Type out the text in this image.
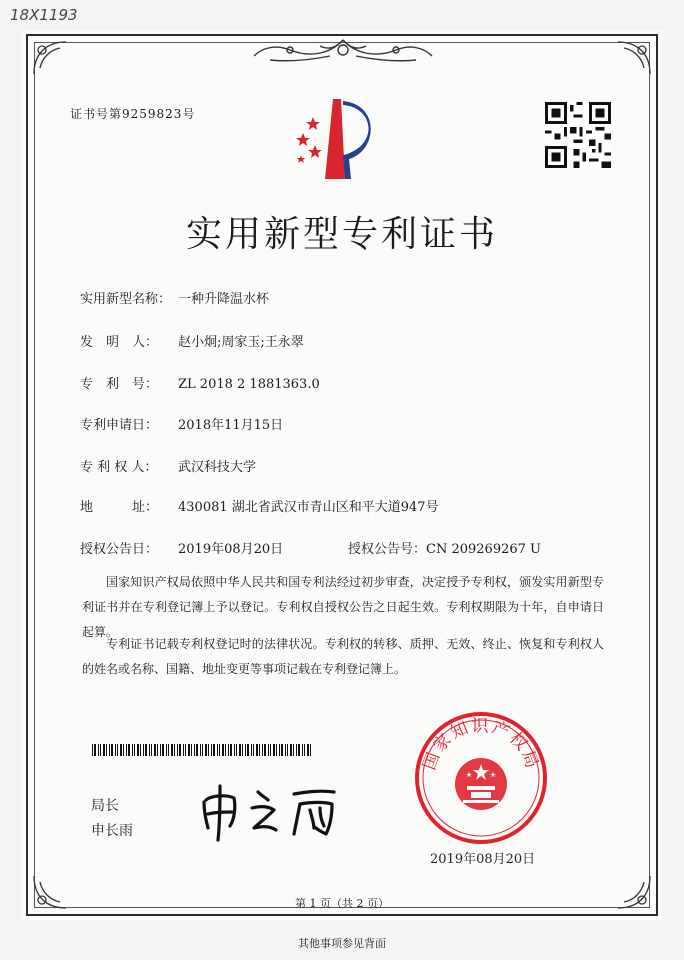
18X1193
证书号第9259823号
实用新型专利证书
实用新型名称： 一种升降温水杯
发　明　人： 赵小炯;周家玉;王永翠
专　利　号： ZL 2018 2 1881363.0
专利申请日： 2018年11月15日
专 利 权 人： 武汉科技大学
地　　　址： 430081 湖北省武汉市青山区和平大道947号
授权公告日： 2019年08月20日	授权公告号：CN 209269267 U

国家知识产权局依照中华人民共和国专利法经过初步审查，决定授予专利权，颁发实用新型专利证书并在专利登记簿上予以登记。专利权自授权公告之日起生效。专利权期限为十年，自申请日起算。

专利证书记载专利权登记时的法律状况。专利权的转移、质押、无效、终止、恢复和专利权人的姓名或名称、国籍、地址变更等事项记载在专利登记簿上。

局长
申长雨
国家知识产权局
2019年08月20日
第 1 页（共 2 页）
其他事项参见背面
